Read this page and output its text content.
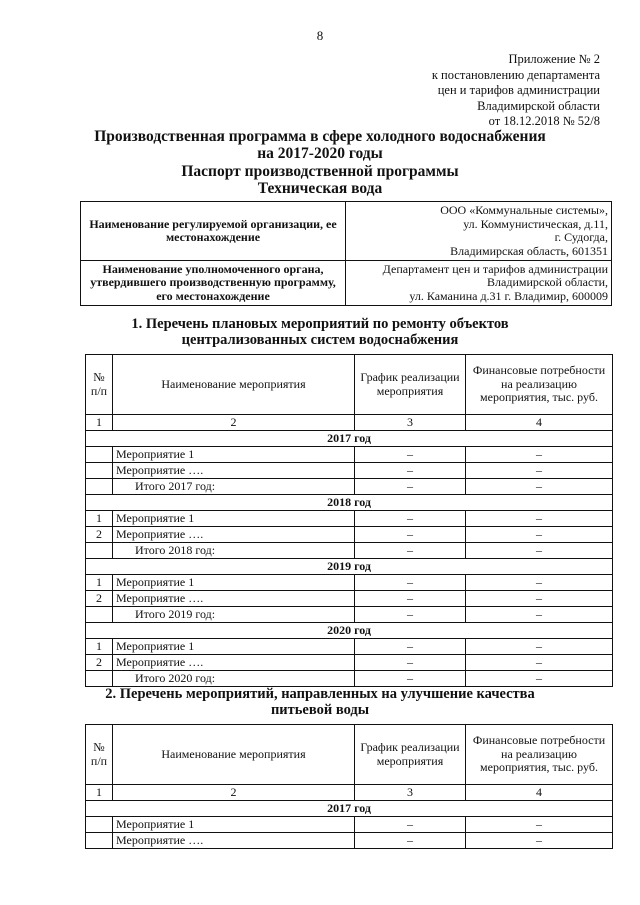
8
Приложение № 2
к постановлению департамента
цен и тарифов администрации
Владимирской области
от 18.12.2018 № 52/8
Производственная программа в сфере холодного водоснабжения
на 2017-2020 годы
Паспорт производственной программы
Техническая вода
Наименование регулируемой организации, ее местонахождение	ООО «Коммунальные системы»,
ул. Коммунистическая, д.11,
г. Судогда,
Владимирская область, 601351

Наименование уполномоченного органа, утвердившего производственную программу, его местонахождение	Департамент цен и тарифов администрации
Владимирской области,
ул. Каманина д.31 г. Владимир, 600009
1. Перечень плановых мероприятий по ремонту объектов
централизованных систем водоснабжения
№ п/п	Наименование мероприятия	График реализации мероприятия	Финансовые потребности на реализацию мероприятия, тыс. руб.
1	2	3	4
2017 год			
	Мероприятие 1	–	–
	Мероприятие ….	–	–
	Итого 2017 год:	–	–
2018 год			
1	Мероприятие 1	–	–
2	Мероприятие ….	–	–
	Итого 2018 год:	–	–
2019 год			
1	Мероприятие 1	–	–
2	Мероприятие ….	–	–
	Итого 2019 год:	–	–
2020 год			
1	Мероприятие 1	–	–
2	Мероприятие ….	–	–
	Итого 2020 год:	–	–
2. Перечень мероприятий, направленных на улучшение качества
питьевой воды
№ п/п	Наименование мероприятия	График реализации мероприятия	Финансовые потребности на реализацию мероприятия, тыс. руб.
1	2	3	4
2017 год			
	Мероприятие 1	–	–
	Мероприятие ….	–	–
